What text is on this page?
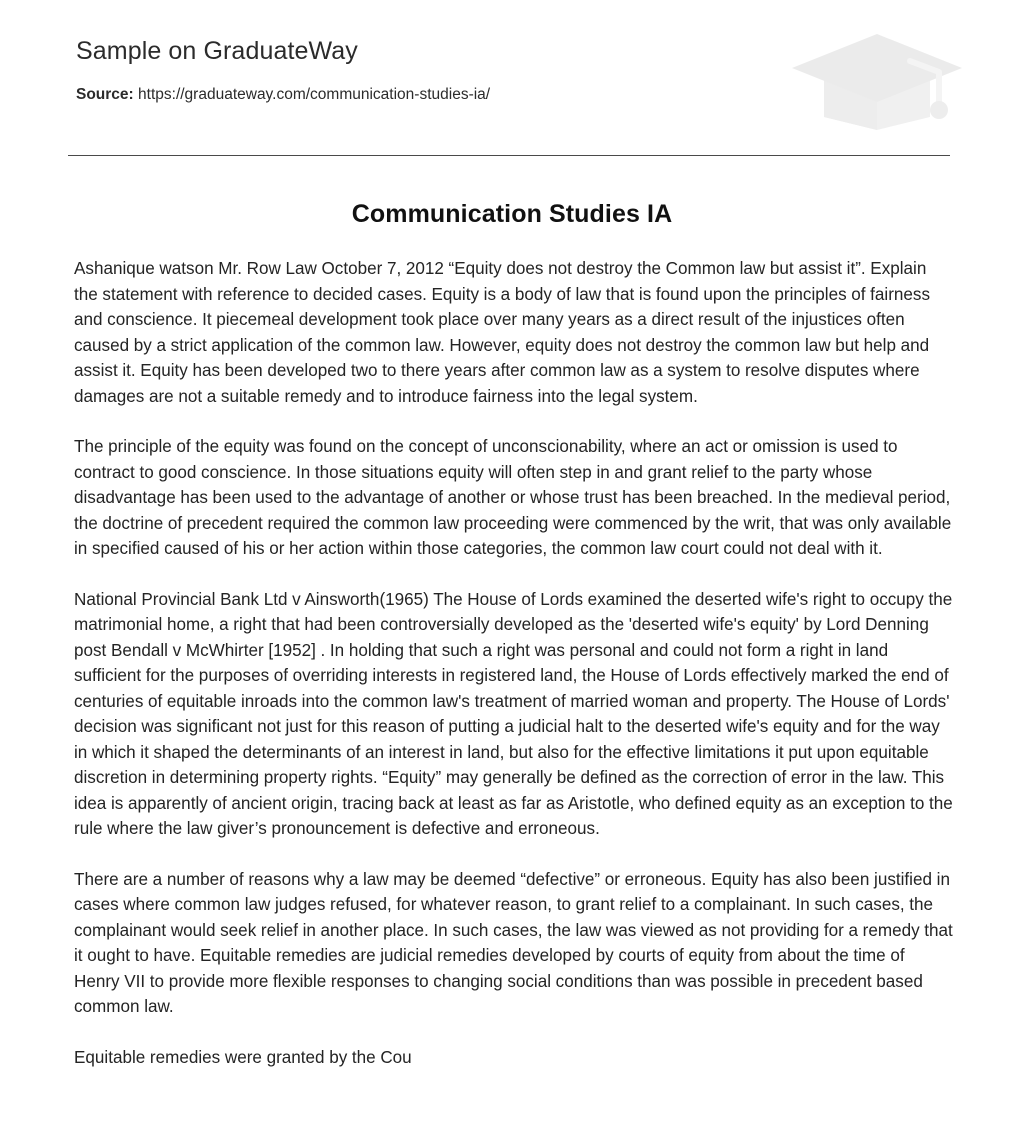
Sample on GraduateWay
Source: https://graduateway.com/communication-studies-ia/
Communication Studies IA

Ashanique watson Mr. Row Law October 7, 2012 “Equity does not destroy the Common law but assist it”. Explain the statement with reference to decided cases. Equity is a body of law that is found upon the principles of fairness and conscience. It piecemeal development took place over many years as a direct result of the injustices often caused by a strict application of the common law. However, equity does not destroy the common law but help and assist it. Equity has been developed two to there years after common law as a system to resolve disputes where damages are not a suitable remedy and to introduce fairness into the legal system.

The principle of the equity was found on the concept of unconscionability, where an act or omission is used to contract to good conscience. In those situations equity will often step in and grant relief to the party whose disadvantage has been used to the advantage of another or whose trust has been breached. In the medieval period, the doctrine of precedent required the common law proceeding were commenced by the writ, that was only available in specified caused of his or her action within those categories, the common law court could not deal with it.

National Provincial Bank Ltd v Ainsworth(1965) The House of Lords examined the deserted wife's right to occupy the matrimonial home, a right that had been controversially developed as the 'deserted wife's equity' by Lord Denning post Bendall v McWhirter [1952] . In holding that such a right was personal and could not form a right in land sufficient for the purposes of overriding interests in registered land, the House of Lords effectively marked the end of centuries of equitable inroads into the common law's treatment of married woman and property. The House of Lords' decision was significant not just for this reason of putting a judicial halt to the deserted wife's equity and for the way in which it shaped the determinants of an interest in land, but also for the effective limitations it put upon equitable discretion in determining property rights. “Equity” may generally be defined as the correction of error in the law. This idea is apparently of ancient origin, tracing back at least as far as Aristotle, who defined equity as an exception to the rule where the law giver’s pronouncement is defective and erroneous.

There are a number of reasons why a law may be deemed “defective” or erroneous. Equity has also been justified in cases where common law judges refused, for whatever reason, to grant relief to a complainant. In such cases, the complainant would seek relief in another place. In such cases, the law was viewed as not providing for a remedy that it ought to have. Equitable remedies are judicial remedies developed by courts of equity from about the time of Henry VII to provide more flexible responses to changing social conditions than was possible in precedent based common law.

Equitable remedies were granted by the Cou
